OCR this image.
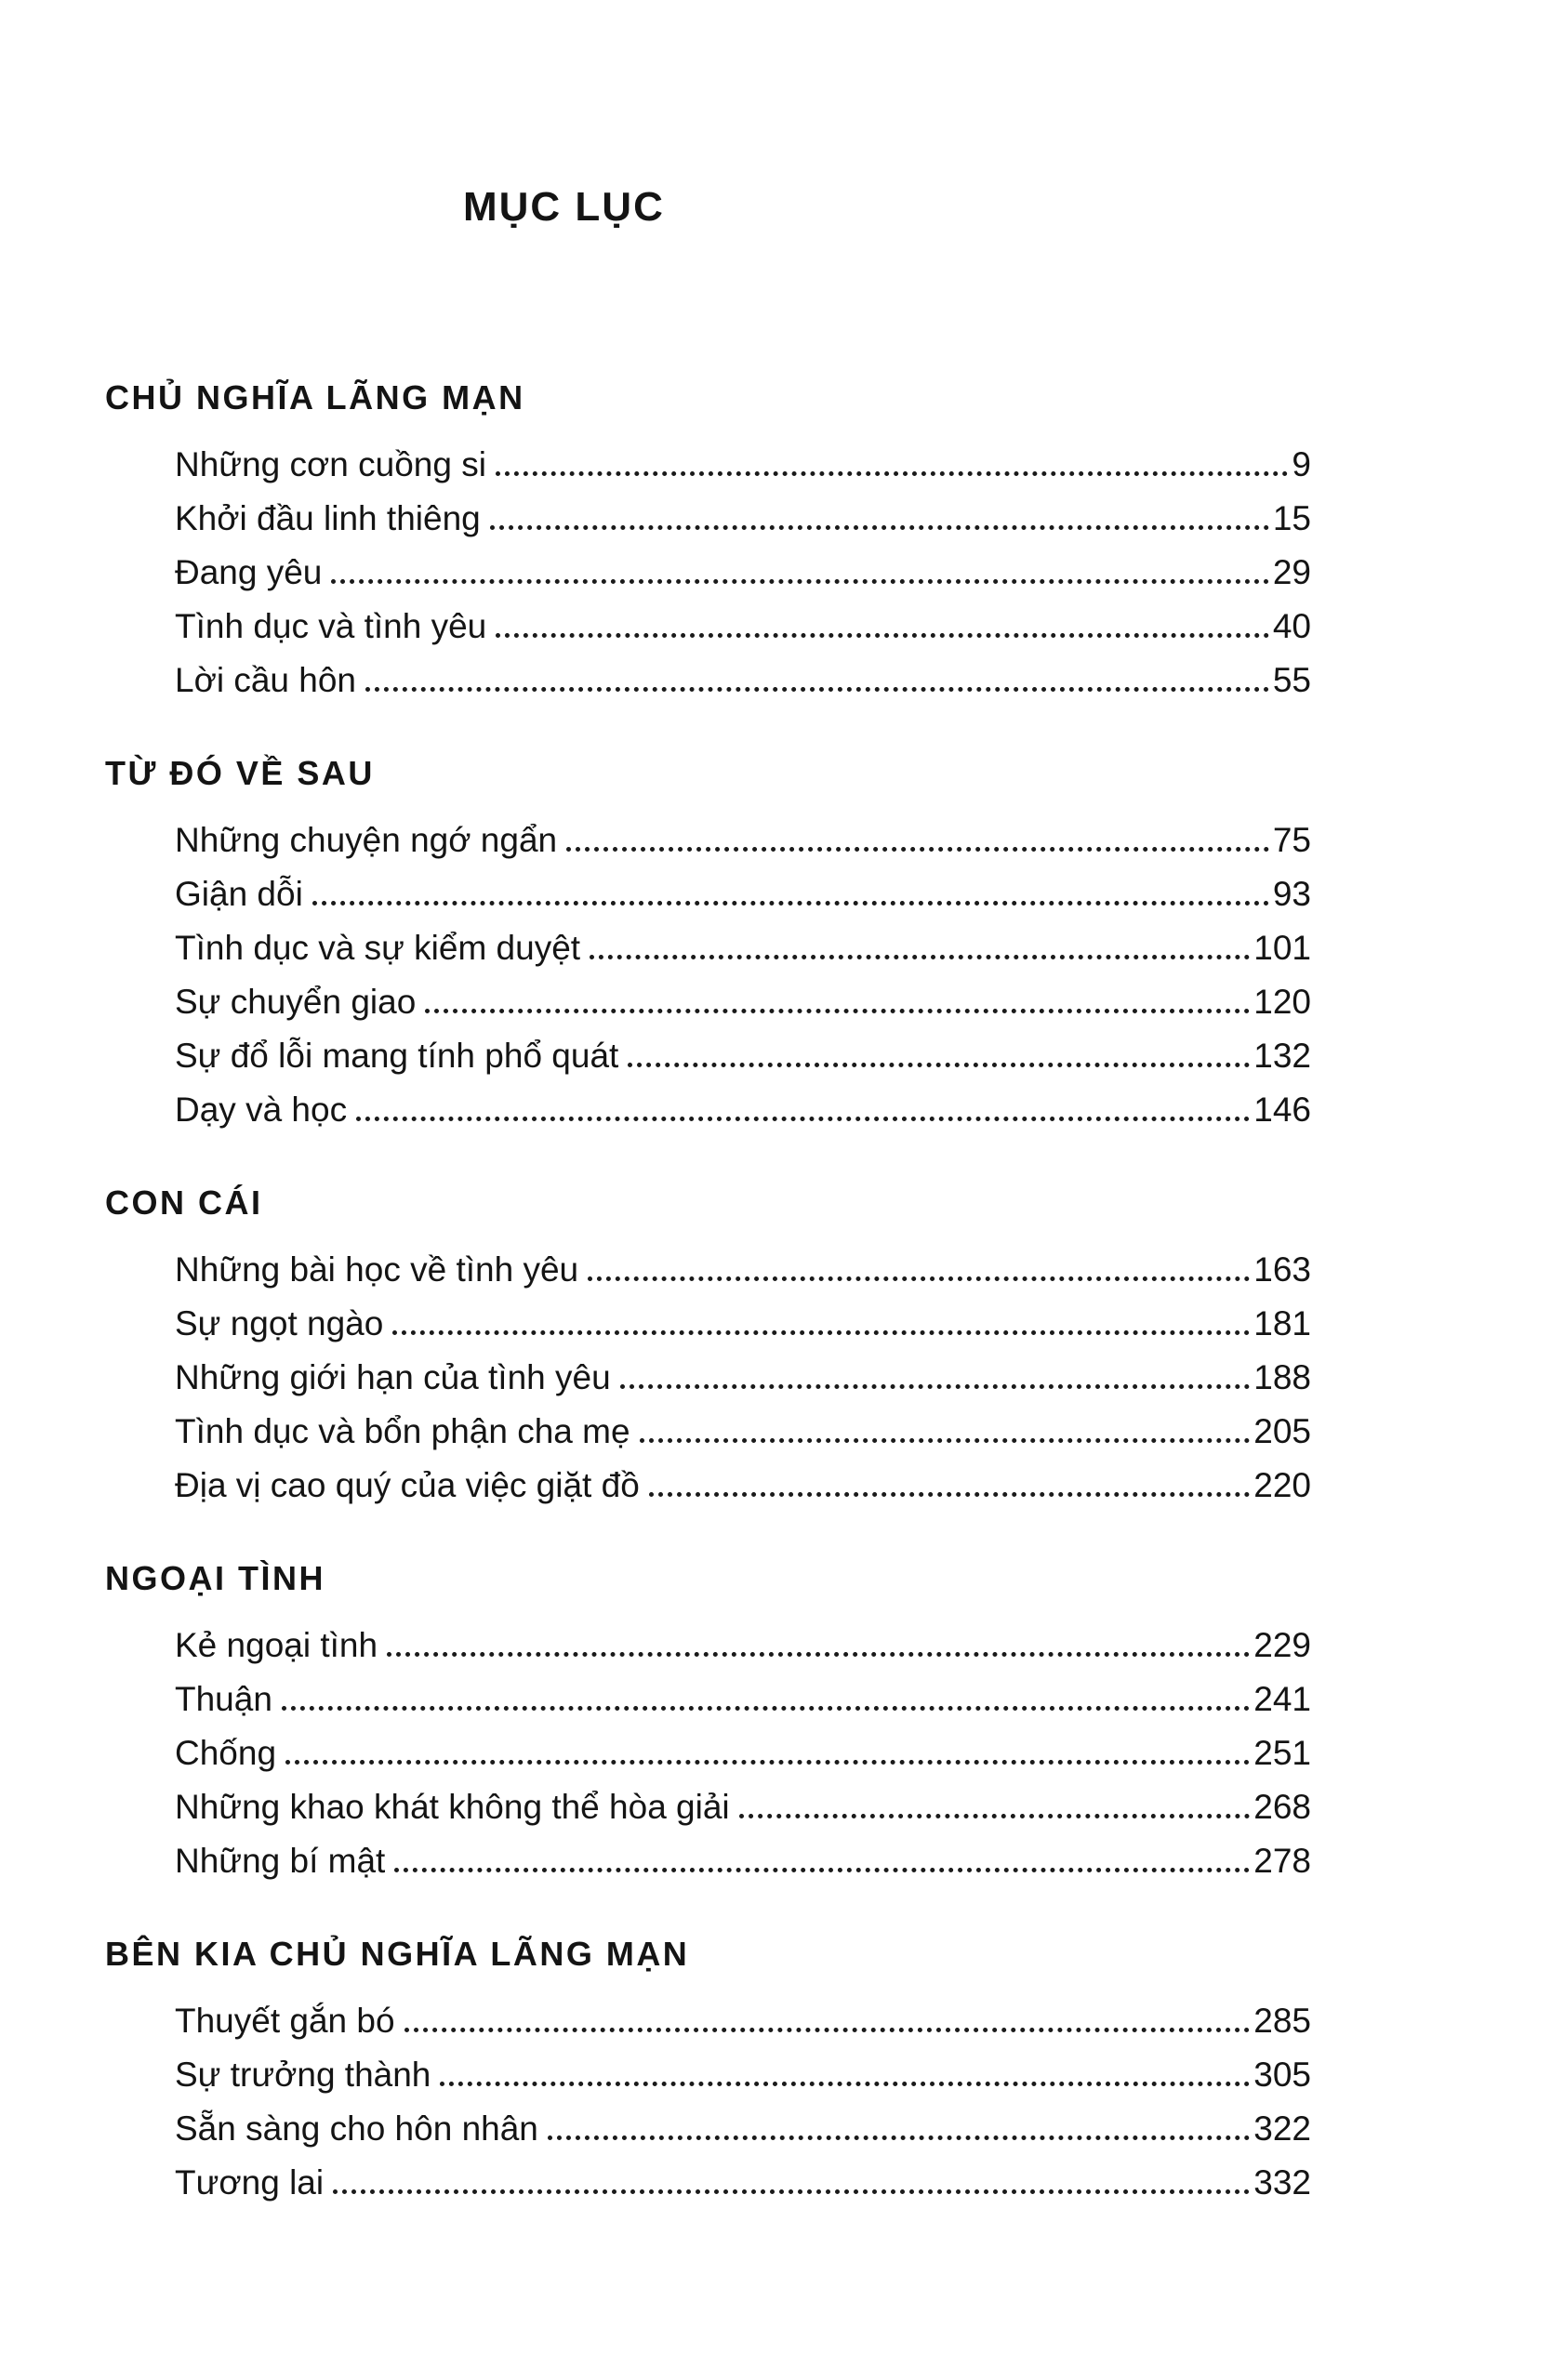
MỤC LỤC
CHỦ NGHĨA LÃNG MẠN
Những cơn cuồng si	9
Khởi đầu linh thiêng	15
Đang yêu	29
Tình dục và tình yêu	40
Lời cầu hôn	55
TỪ ĐÓ VỀ SAU
Những chuyện ngớ ngẩn	75
Giận dỗi	93
Tình dục và sự kiểm duyệt	101
Sự chuyển giao	120
Sự đổ lỗi mang tính phổ quát	132
Dạy và học	146
CON CÁI
Những bài học về tình yêu	163
Sự ngọt ngào	181
Những giới hạn của tình yêu	188
Tình dục và bổn phận cha mẹ	205
Địa vị cao quý của việc giặt đồ	220
NGOẠI TÌNH
Kẻ ngoại tình	229
Thuận	241
Chống	251
Những khao khát không thể hòa giải	268
Những bí mật	278
BÊN KIA CHỦ NGHĨA LÃNG MẠN
Thuyết gắn bó	285
Sự trưởng thành	305
Sẵn sàng cho hôn nhân	322
Tương lai	332
